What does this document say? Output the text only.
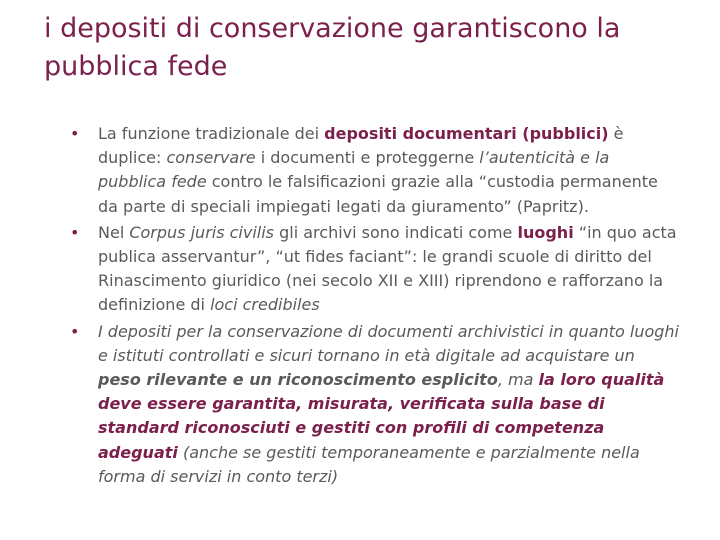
i depositi di conservazione garantiscono la pubblica fede
•	La funzione tradizionale dei depositi documentari (pubblici) è duplice: conservare i documenti e proteggerne l’autenticità e la pubblica fede contro le falsificazioni grazie alla “custodia permanente da parte di speciali impiegati legati da giuramento” (Papritz).
•	Nel Corpus juris civilis gli archivi sono indicati come luoghi “in quo acta publica asservantur”, “ut fides faciant”: le grandi scuole di diritto del Rinascimento giuridico (nei secolo XII e XIII) riprendono e rafforzano la definizione di loci credibiles
•	I depositi per la conservazione di documenti archivistici in quanto luoghi e istituti controllati e sicuri tornano in età digitale ad acquistare un peso rilevante e un riconoscimento esplicito, ma la loro qualità deve essere garantita, misurata, verificata sulla base di standard riconosciuti e gestiti con profili di competenza adeguati (anche se gestiti temporaneamente e parzialmente nella forma di servizi in conto terzi)
